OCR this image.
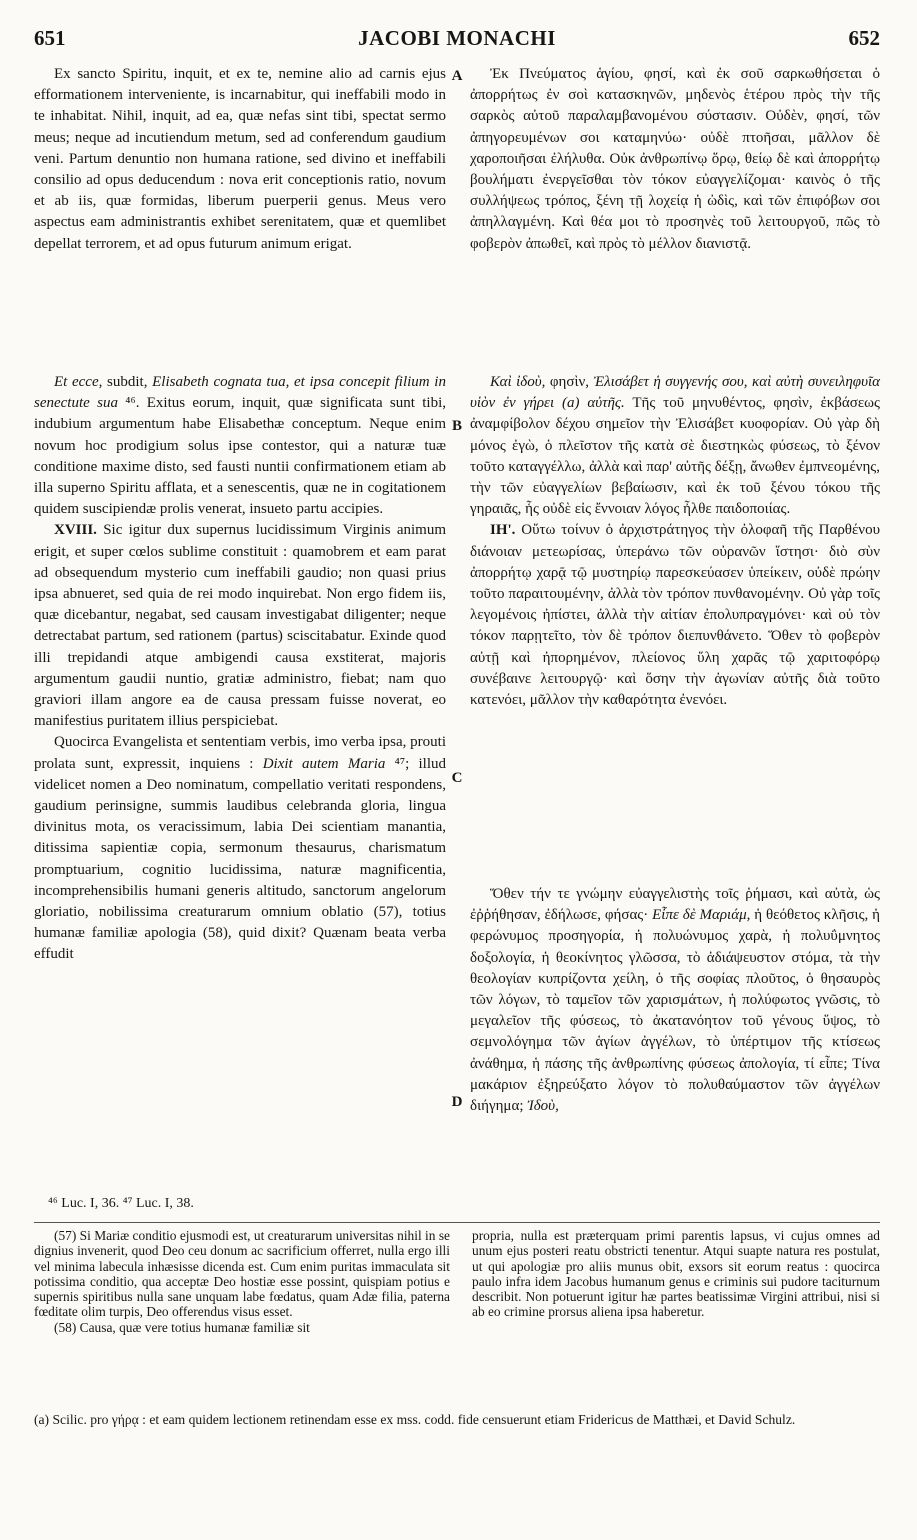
651	JACOBI MONACHI	652
A
B
C
D

Ex sancto Spiritu, inquit, et ex te, nemine alio ad carnis ejus efformationem interveniente, is incarnabitur, qui ineffabili modo in te inhabitat. Nihil, inquit, ad ea, quæ nefas sint tibi, spectat sermo meus; neque ad incutiendum metum, sed ad conferendum gaudium veni. Partum denuntio non humana ratione, sed divino et ineffabili consilio ad opus deducendum : nova erit conceptionis ratio, novum et ab iis, quæ formidas, liberum puerperii genus. Meus vero aspectus eam administrantis exhibet serenitatem, quæ et quemlibet depellat terrorem, et ad opus futurum animum erigat.

Et ecce, subdit, Elisabeth cognata tua, et ipsa concepit filium in senectute sua ⁴⁶. Exitus eorum, inquit, quæ significata sunt tibi, indubium argumentum habe Elisabethæ conceptum. Neque enim novum hoc prodigium solus ipse contestor, qui a naturæ tuæ conditione maxime disto, sed fausti nuntii confirmationem etiam ab illa superno Spiritu afflata, et a senescentis, quæ ne in cogitationem quidem suscipiendæ prolis venerat, insueto partu accipies.

XVIII. Sic igitur dux supernus lucidissimum Virginis animum erigit, et super cœlos sublime constituit : quamobrem et eam parat ad obsequendum mysterio cum ineffabili gaudio; non quasi prius ipsa abnueret, sed quia de rei modo inquirebat. Non ergo fidem iis, quæ dicebantur, negabat, sed causam investigabat diligenter; neque detrectabat partum, sed rationem (partus) sciscitabatur. Exinde quod illi trepidandi atque ambigendi causa exstiterat, majoris argumentum gaudii nuntio, gratiæ administro, fiebat; nam quo graviori illam angore ea de causa pressam fuisse noverat, eo manifestius puritatem illius perspiciebat.

Quocirca Evangelista et sententiam verbis, imo verba ipsa, prouti prolata sunt, expressit, inquiens : Dixit autem Maria ⁴⁷; illud videlicet nomen a Deo nominatum, compellatio veritati respondens, gaudium perinsigne, summis laudibus celebranda gloria, lingua divinitus mota, os veracissimum, labia Dei scientiam manantia, ditissima sapientiæ copia, sermonum thesaurus, charismatum promptuarium, cognitio lucidissima, naturæ magnificentia, incomprehensibilis humani generis altitudo, sanctorum angelorum gloriatio, nobilissima creaturarum omnium oblatio (57), totius humanæ familiæ apologia (58), quid dixit? Quænam beata verba effudit

⁴⁶ Luc. I, 36. ⁴⁷ Luc. I, 38.

Ἐκ Πνεύματος ἁγίου, φησί, καὶ ἐκ σοῦ σαρκωθήσεται ὁ ἀπορρήτως ἐν σοὶ κατασκηνῶν, μηδενὸς ἑτέρου πρὸς τὴν τῆς σαρκὸς αὐτοῦ παραλαμβανομένου σύστασιν. Οὐδὲν, φησί, τῶν ἀπηγορευμένων σοι καταμηνύω· οὐδὲ πτοῆσαι, μᾶλλον δὲ χαροποιῆσαι ἐλήλυθα. Οὐκ ἀνθρωπίνῳ ὅρῳ, θείῳ δὲ καὶ ἀπορρήτῳ βουλήματι ἐνεργεῖσθαι τὸν τόκον εὐαγγελίζομαι· καινὸς ὁ τῆς συλλήψεως τρόπος, ξένη τῇ λοχείᾳ ἡ ὠδὶς, καὶ τῶν ἐπιφόβων σοι ἀπηλλαγμένη. Καὶ θέα μοι τὸ προσηνὲς τοῦ λειτουργοῦ, πῶς τὸ φοβερὸν ἀπωθεῖ, καὶ πρὸς τὸ μέλλον διανιστᾷ.

Καὶ ἰδοὺ, φησὶν, Ἐλισάβετ ἡ συγγενής σου, καὶ αὐτὴ συνειληφυῖα υἱὸν ἐν γήρει (a) αὐτῆς. Τῆς τοῦ μηνυθέντος, φησὶν, ἐκβάσεως ἀναμφίβολον δέχου σημεῖον τὴν Ἐλισάβετ κυοφορίαν. Οὐ γὰρ δὴ μόνος ἐγὼ, ὁ πλεῖστον τῆς κατὰ σὲ διεστηκὼς φύσεως, τὸ ξένον τοῦτο καταγγέλλω, ἀλλὰ καὶ παρ' αὐτῆς δέξῃ, ἄνωθεν ἐμπνεομένης, τὴν τῶν εὐαγγελίων βεβαίωσιν, καὶ ἐκ τοῦ ξένου τόκου τῆς γηραιᾶς, ἧς οὐδὲ εἰς ἔννοιαν λόγος ἦλθε παιδοποιίας.

ΙΗ'. Οὕτω τοίνυν ὁ ἀρχιστράτηγος τὴν ὀλοφαῆ τῆς Παρθένου διάνοιαν μετεωρίσας, ὑπεράνω τῶν οὐρανῶν ἵστησι· διὸ σὺν ἀπορρήτῳ χαρᾷ τῷ μυστηρίῳ παρεσκεύασεν ὑπείκειν, οὐδὲ πρώην τοῦτο παραιτουμένην, ἀλλὰ τὸν τρόπον πυνθανομένην. Οὐ γὰρ τοῖς λεγομένοις ἠπίστει, ἀλλὰ τὴν αἰτίαν ἐπολυπραγμόνει· καὶ οὐ τὸν τόκον παρῃτεῖτο, τὸν δὲ τρόπον διεπυνθάνετο. Ὅθεν τὸ φοβερὸν αὐτῇ καὶ ἠπορημένον, πλείονος ὕλη χαρᾶς τῷ χαριτοφόρῳ συνέβαινε λειτουργῷ· καὶ ὅσην τὴν ἀγωνίαν αὐτῆς διὰ τοῦτο κατενόει, μᾶλλον τὴν καθαρότητα ἐνενόει.

Ὅθεν τήν τε γνώμην εὐαγγελιστὴς τοῖς ῥήμασι, καὶ αὐτὰ, ὡς ἐῤῥήθησαν, ἐδήλωσε, φήσας· Εἶπε δὲ Μαριάμ, ἡ θεόθετος κλῆσις, ἡ φερώνυμος προσηγορία, ἡ πολυώνυμος χαρὰ, ἡ πολυΰμνητος δοξολογία, ἡ θεοκίνητος γλῶσσα, τὸ ἀδιάψευστον στόμα, τὰ τὴν θεολογίαν κυπρίζοντα χείλη, ὁ τῆς σοφίας πλοῦτος, ὁ θησαυρὸς τῶν λόγων, τὸ ταμεῖον τῶν χαρισμάτων, ἡ πολύφωτος γνῶσις, τὸ μεγαλεῖον τῆς φύσεως, τὸ ἀκατανόητον τοῦ γένους ὕψος, τὸ σεμνολόγημα τῶν ἁγίων ἀγγέλων, τὸ ὑπέρτιμον τῆς κτίσεως ἀνάθημα, ἡ πάσης τῆς ἀνθρωπίνης φύσεως ἀπολογία, τί εἶπε; Τίνα μακάριον ἐξηρεύξατο λόγον τὸ πολυθαύμαστον τῶν ἀγγέλων διήγημα; Ἰδοὺ,

(57) Si Mariæ conditio ejusmodi est, ut creaturarum universitas nihil in se dignius invenerit, quod Deo ceu donum ac sacrificium offerret, nulla ergo illi vel minima labecula inhæsisse dicenda est. Cum enim puritas immaculata sit potissima conditio, qua acceptæ Deo hostiæ esse possint, quispiam potius e supernis spiritibus nulla sane unquam labe fœdatus, quam Adæ filia, paterna fœditate olim turpis, Deo offerendus visus esset.

(58) Causa, quæ vere totius humanæ familiæ sit

propria, nulla est præterquam primi parentis lapsus, vi cujus omnes ad unum ejus posteri reatu obstricti tenentur. Atqui suapte natura res postulat, ut qui apologiæ pro aliis munus obit, exsors sit eorum reatus : quocirca paulo infra idem Jacobus humanum genus e criminis sui pudore taciturnum describit. Non potuerunt igitur hæ partes beatissimæ Virgini attribui, nisi si ab eo crimine prorsus aliena ipsa haberetur.

(a) Scilic. pro γήρᾳ : et eam quidem lectionem retinendam esse ex mss. codd. fide censuerunt etiam Fridericus de Matthæi, et David Schulz.
